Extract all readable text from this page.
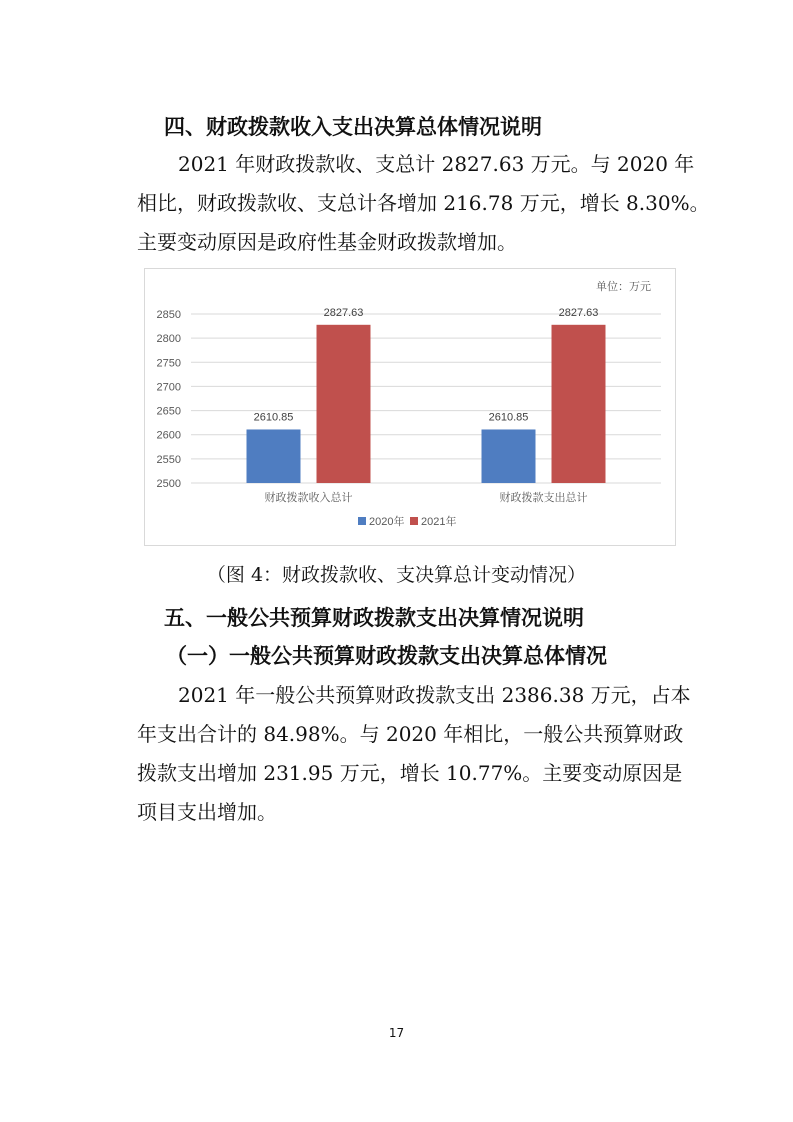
四、财政拨款收入支出决算总体情况说明

2021 年财政拨款收、支总计 2827.63 万元。与 2020 年

相比，财政拨款收、支总计各增加 216.78 万元，增长 8.30%。

主要变动原因是政府性基金财政拨款增加。

2500
2550
2600
2650
2700
2750
2800
2850
单位：万元
2610.85
2827.63
财政拨款收入总计
2610.85
2827.63
财政拨款支出总计
2020年 2021年
（图 4：财政拨款收、支决算总计变动情况）
五、一般公共预算财政拨款支出决算情况说明
（一）一般公共预算财政拨款支出决算总体情况

2021 年一般公共预算财政拨款支出 2386.38 万元，占本

年支出合计的 84.98%。与 2020 年相比，一般公共预算财政

拨款支出增加 231.95 万元，增长 10.77%。主要变动原因是

项目支出增加。

17
